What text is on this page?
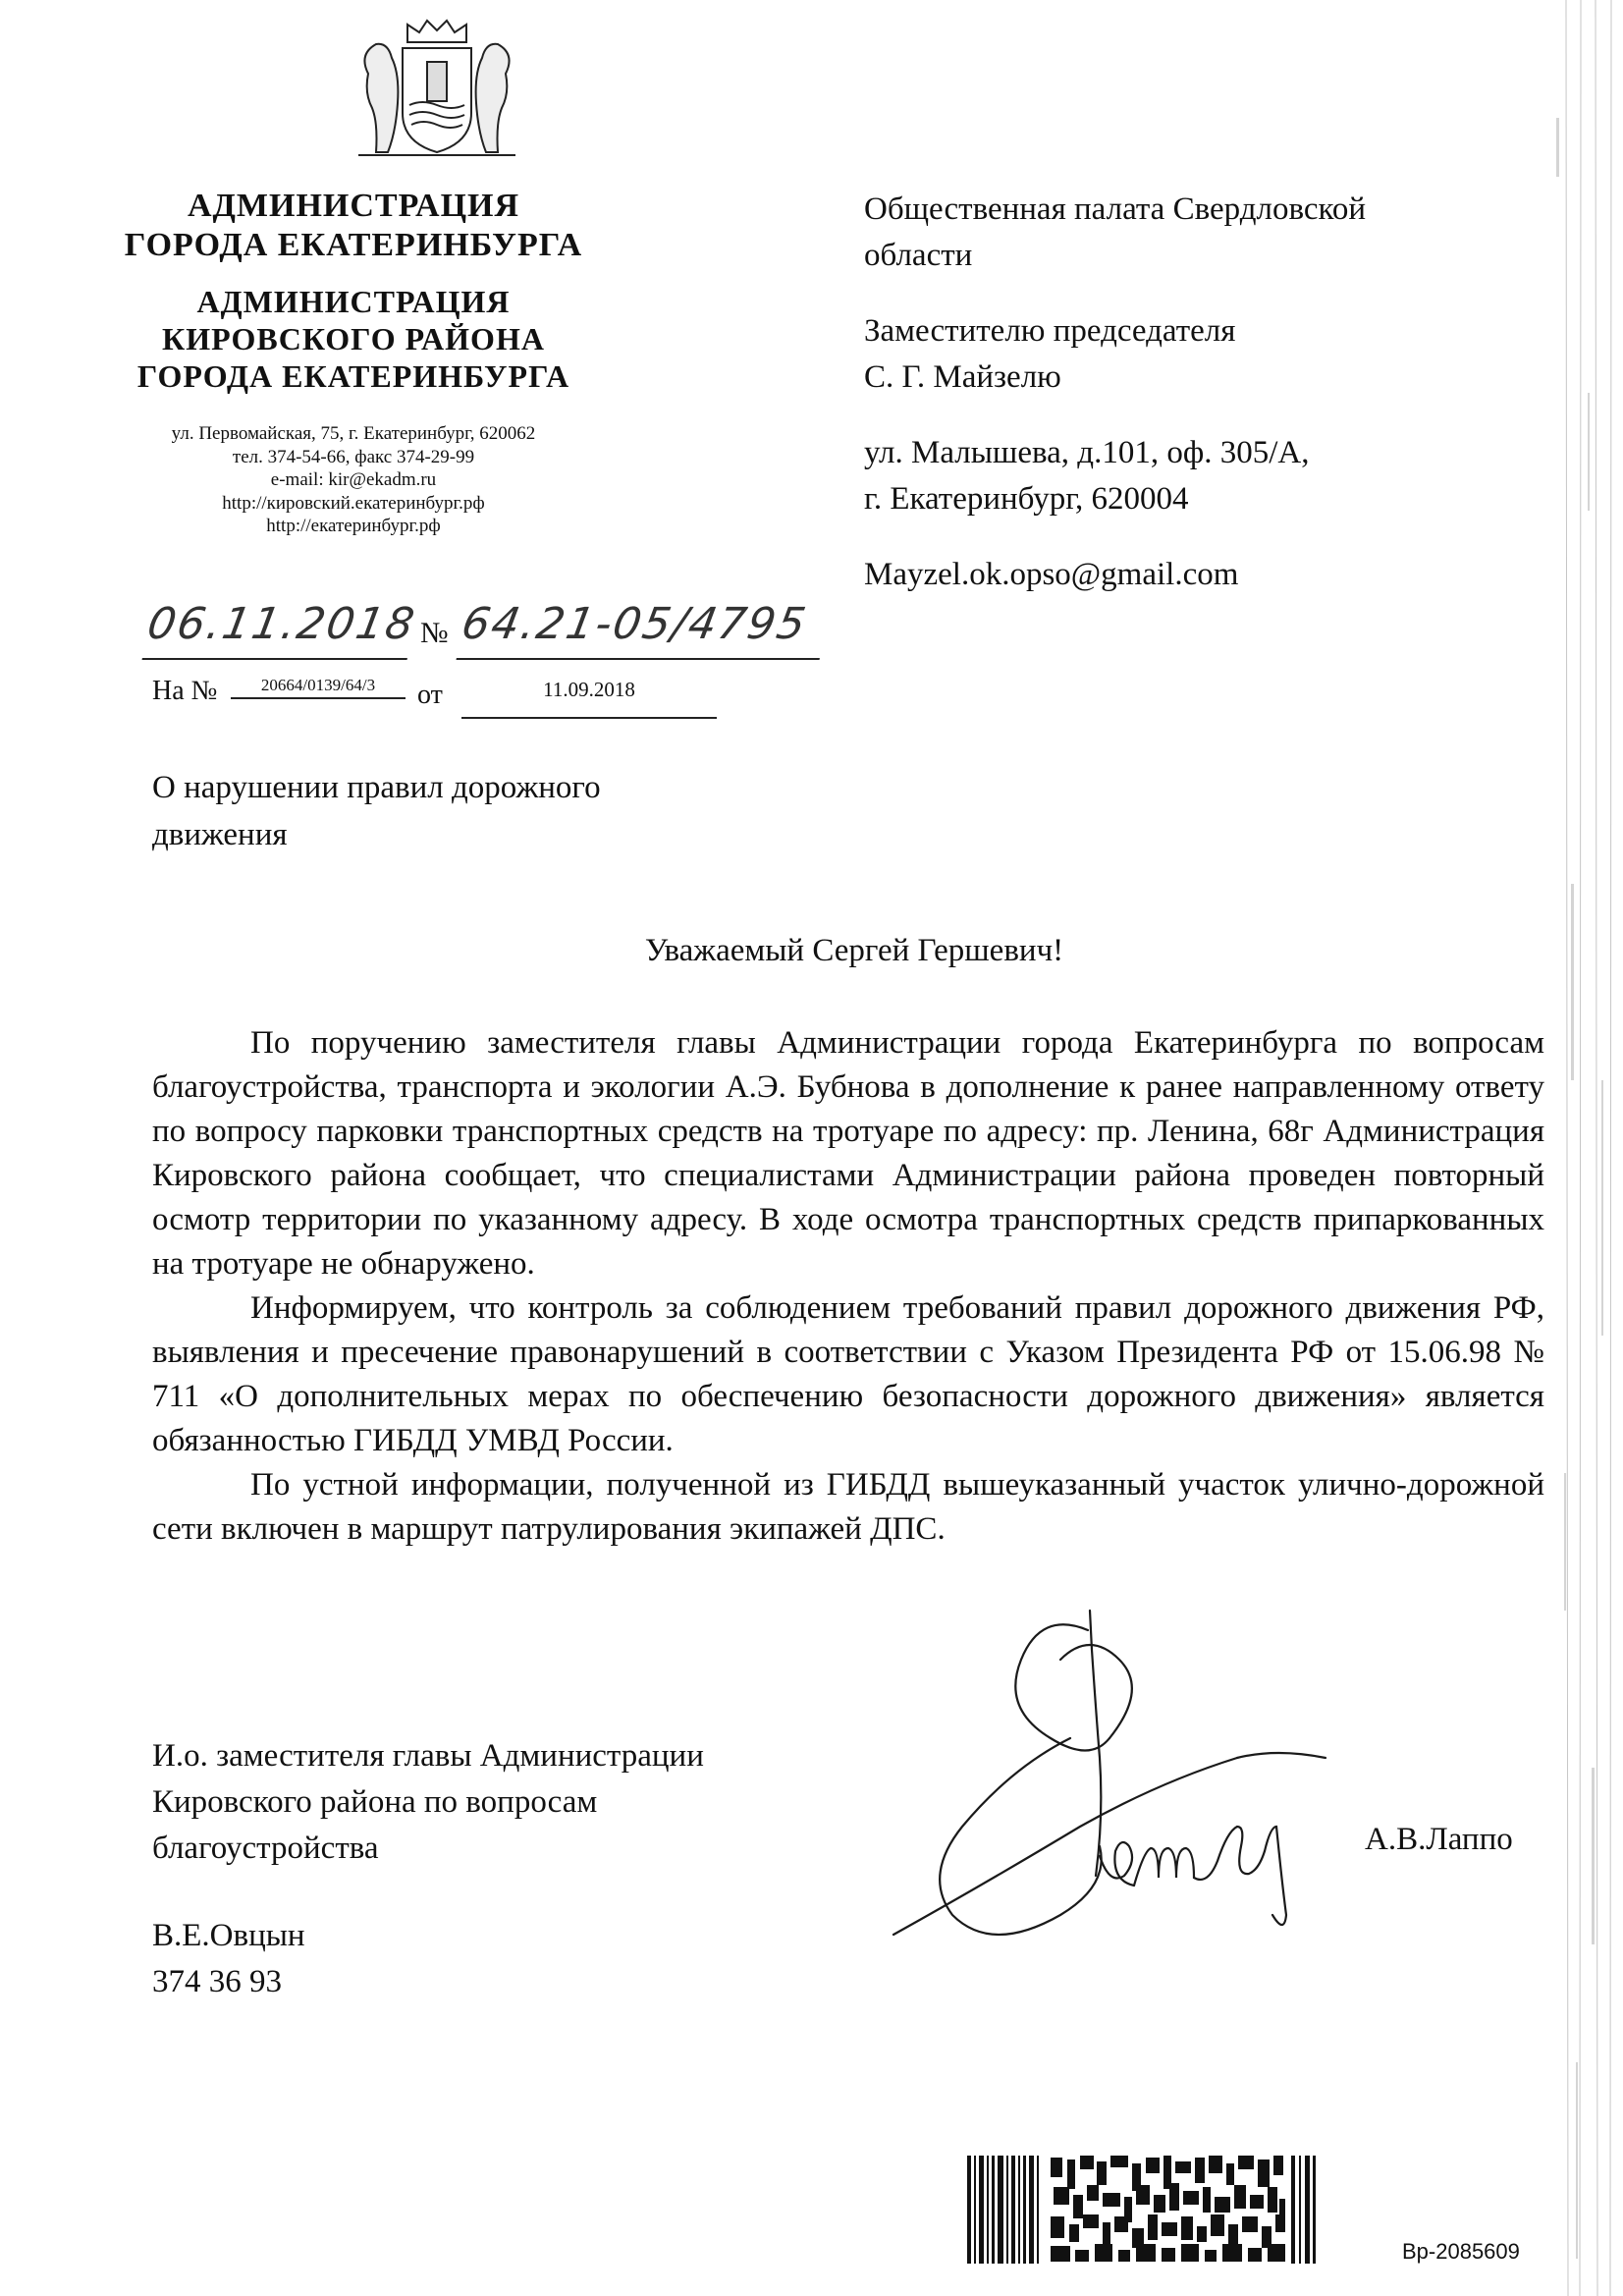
АДМИНИСТРАЦИЯ
ГОРОДА ЕКАТЕРИНБУРГА
АДМИНИСТРАЦИЯ
КИРОВСКОГО РАЙОНА
ГОРОДА ЕКАТЕРИНБУРГА
ул. Первомайская, 75, г. Екатеринбург, 620062
тел. 374-54-66, факс 374-29-99
e-mail: kir@ekadm.ru
http://кировский.екатеринбург.рф
http://екатеринбург.рф
06.11.2018 № 64.21-05/4795
На №	20664/0139/64/3	от	11.09.2018
Общественная палата Свердловской
области
Заместителю председателя
С. Г. Майзелю
ул. Малышева, д.101, оф. 305/А,
г. Екатеринбург, 620004
Mayzel.ok.opso@gmail.com
О нарушении правил дорожного
движения
Уважаемый Сергей Гершевич!

По поручению заместителя главы Администрации города Екатеринбурга по вопросам благоустройства, транспорта и экологии А.Э. Бубнова в дополнение к ранее направленному ответу по вопросу парковки транспортных средств на тротуаре по адресу: пр. Ленина, 68г Администрация Кировского района сообщает, что специалистами Администрации района проведен повторный осмотр территории по указанному адресу. В ходе осмотра транспортных средств припаркованных на тротуаре не обнаружено.

Информируем, что контроль за соблюдением требований правил дорожного движения РФ, выявления и пресечение правонарушений в соответствии с Указом Президента РФ от 15.06.98 № 711 «О дополнительных мерах по обеспечению безопасности дорожного движения» является обязанностью ГИБДД УМВД России.

По устной информации, полученной из ГИБДД вышеуказанный участок улично-дорожной сети включен в маршрут патрулирования экипажей ДПС.

И.о. заместителя главы Администрации
Кировского района по вопросам
благоустройства	А.В.Лаппо
В.Е.Овцын
374 36 93
Вр-2085609
